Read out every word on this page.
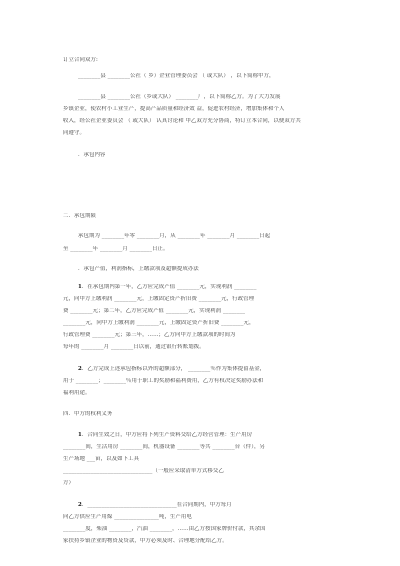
订立合同双方:
________县 ________公社（ 乡）企业管理委员会 （ 或大队） ，以下简称甲方，
________县 ________公社（乡或大队） ________厂，以下简称乙方。为了大力发展
乡镇企业，使农村小工业生产，提高产品质量和经济效 益，促进农村经济，增加集体和个人
收入，经公社企业委员会 （ 或大队） 认真讨论和 甲乙双方充分协商，特订立本合同，以便双方共
同遵守。
．承包内容
二．承包期限
承包期为 ________年零 ________月，从 ________年 ________月 ________日起
至 ________年 ________月 ________日止。
．承包产值，利润指标，上缴款项及超额提成办法
1．在承包期内第一年，乙方应完成产值 ________元，实现利润 ________
元，向甲方上缴利润 ________元，上缴固定资产折旧费 ________元，行政管理
费 ________元；第二年，乙方应完成产值 ________元，实现利润 ________
________元，向甲方上缴利润 ________元，上缴固定资产折旧费 ________元，
行政管理费 ________元；第三年，……；乙方向甲方上缴款项的时间为
每年的 ________月 ________日以前，通过银行转账划拨。
2．乙方完成上述承包指标以外的超额部分， ________％作为集体提留基金，
用于 ________；________％用于职工的奖励和福利费用，乙方有权决定奖励办法和
福利用途。
四．甲方的权利义务
1．合同生效之日，甲方应将下列生产资料交给乙方经营管理：生产用房
________间，生活用房 ________间，机器设备 ________等共 ________台（件），另
生产场地 ___亩，以及如下工具
________________________________（一般应采取清单方式移交乙
方）
2．________________________________在合同期内，甲方每月
向乙方供应生产用煤 ________________吨，生产用电
________度，柴油 ________，汽油 ________，……由乙方按国家牌价付款，其余国
家扶持乡镇企业的物资及贷款，甲方必须及时、合理地分配给乙方。
